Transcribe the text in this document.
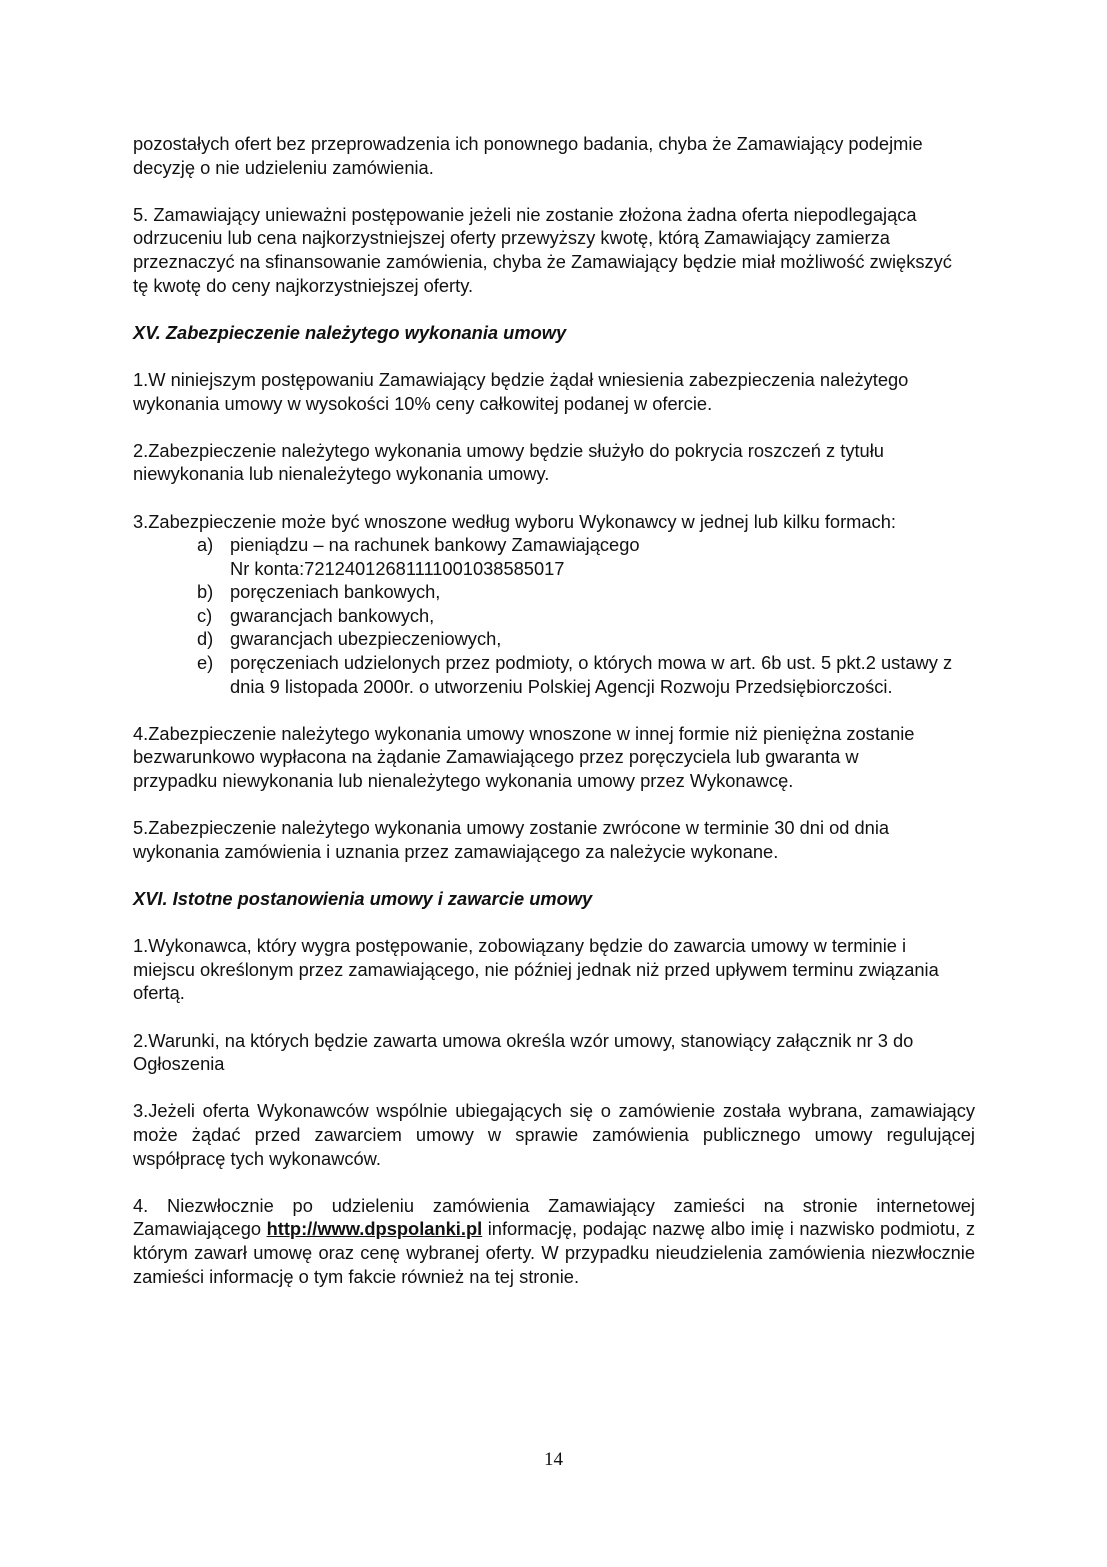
pozostałych ofert bez przeprowadzenia ich ponownego badania, chyba że Zamawiający podejmie decyzję o nie udzieleniu zamówienia.

5. Zamawiający unieważni postępowanie jeżeli nie zostanie złożona żadna oferta niepodlegająca odrzuceniu lub cena najkorzystniejszej oferty przewyższy kwotę, którą Zamawiający zamierza przeznaczyć na sfinansowanie zamówienia, chyba że Zamawiający będzie miał możliwość zwiększyć tę kwotę do ceny najkorzystniejszej oferty.

XV. Zabezpieczenie należytego wykonania umowy

1.W niniejszym postępowaniu Zamawiający będzie żądał wniesienia zabezpieczenia należytego wykonania umowy w wysokości 10% ceny całkowitej podanej w ofercie.

2.Zabezpieczenie należytego wykonania umowy będzie służyło do pokrycia roszczeń z tytułu niewykonania lub nienależytego wykonania umowy.

3.Zabezpieczenie może być wnoszone według wyboru Wykonawcy w jednej lub kilku formach:

a) pieniądzu – na rachunek bankowy Zamawiającego
Nr konta:72124012681111001038585017
b) poręczeniach bankowych,
c) gwarancjach bankowych,
d) gwarancjach ubezpieczeniowych,
e) poręczeniach udzielonych przez podmioty, o których mowa w art. 6b ust. 5 pkt.2 ustawy z dnia 9 listopada 2000r. o utworzeniu Polskiej Agencji Rozwoju Przedsiębiorczości.

4.Zabezpieczenie należytego wykonania umowy wnoszone w innej formie niż pieniężna zostanie bezwarunkowo wypłacona na żądanie Zamawiającego przez poręczyciela lub gwaranta w przypadku niewykonania lub nienależytego wykonania umowy przez Wykonawcę.

5.Zabezpieczenie należytego wykonania umowy zostanie zwrócone w terminie 30 dni od dnia wykonania zamówienia i uznania przez zamawiającego za należycie wykonane.

XVI. Istotne postanowienia umowy i zawarcie umowy

1.Wykonawca, który wygra postępowanie, zobowiązany będzie do zawarcia umowy w terminie i miejscu określonym przez zamawiającego, nie później jednak niż przed upływem terminu związania ofertą.

2.Warunki, na których będzie zawarta umowa określa wzór umowy, stanowiący załącznik nr 3 do Ogłoszenia

3.Jeżeli oferta Wykonawców wspólnie ubiegających się o zamówienie została wybrana, zamawiający może żądać przed zawarciem umowy w sprawie zamówienia publicznego umowy regulującej współpracę tych wykonawców.

4. Niezwłocznie po udzieleniu zamówienia Zamawiający zamieści na stronie internetowej Zamawiającego http://www.dpspolanki.pl informację, podając nazwę albo imię i nazwisko podmiotu, z którym zawarł umowę oraz cenę wybranej oferty. W przypadku nieudzielenia zamówienia niezwłocznie zamieści informację o tym fakcie również na tej stronie.

14
